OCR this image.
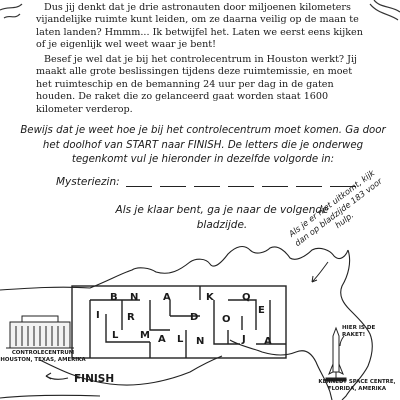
B N A	K	Q
E
I	R	D O
L M A L N	J A

Dus jij denkt dat je drie astronauten door miljoenen kilometers vijandelijke ruimte kunt leiden, om ze daarna veilig op de maan te laten landen? Hmmm... Ik betwijfel het. Laten we eerst eens kijken of je eigenlijk wel weet waar je bent!

Besef je wel dat je bij het controlecentrum in Houston werkt? Jij maakt alle grote beslissingen tijdens deze ruimtemissie, en moet het ruimteschip en de bemanning 24 uur per dag in de gaten houden. De raket die zo gelanceerd gaat worden staat 1600 kilometer verderop.

Bewijs dat je weet hoe je bij het controlecentrum moet komen. Ga door het doolhof van START naar FINISH. De letters die je onderweg tegenkomt vul je hieronder in dezelfde volgorde in:
Mysteriezin:
Als je klaar bent, ga je naar de volgende bladzijde.	Als je er niet uitkomt, kijk dan op bladzijde 183 voor hulp.
CONTROLECENTRUM HOUSTON, TEXAS, AMERIKA
FINISH
HIER IS DE RAKET!
KENNEDY SPACE CENTRE, FLORIDA, AMERIKA
